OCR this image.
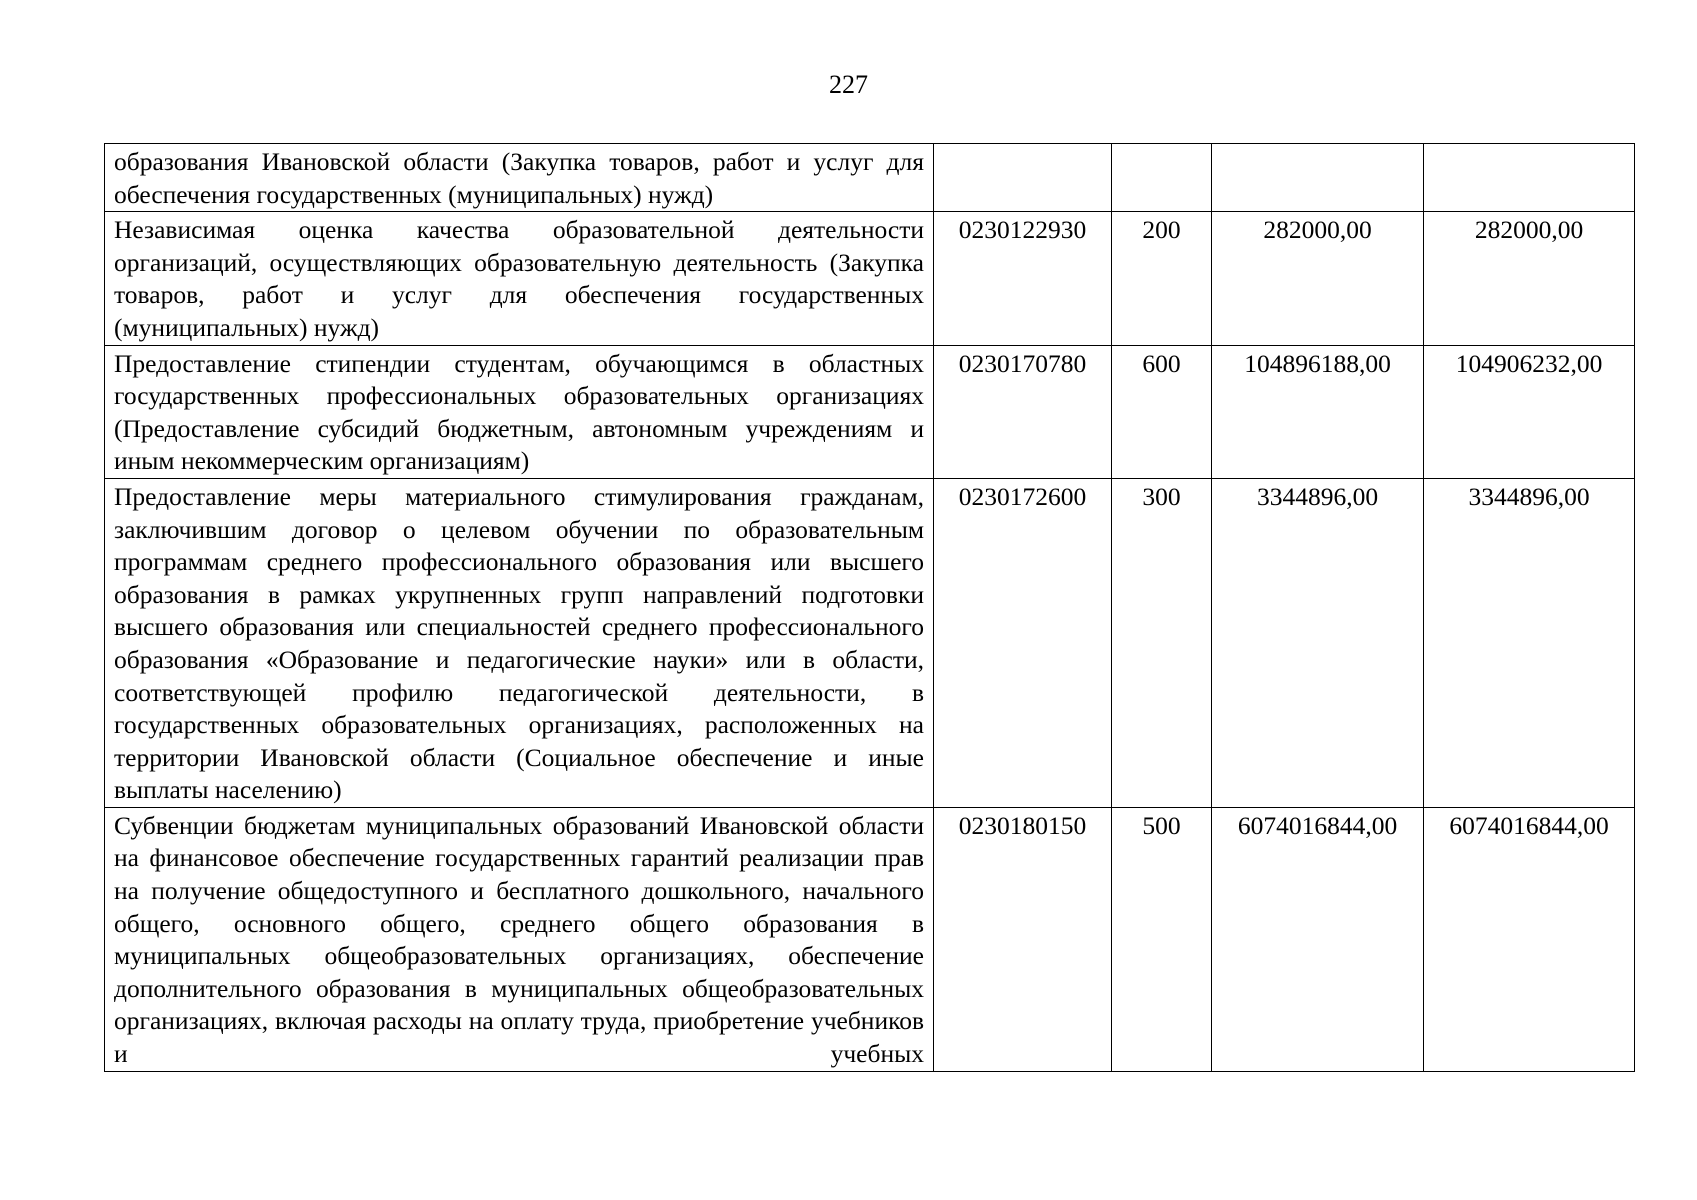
227
образования Ивановской области (Закупка товаров, работ и услуг для обеспечения государственных (муниципальных) нужд)				
Независимая оценка качества образовательной деятельности организаций, осуществляющих образовательную деятельность (Закупка товаров, работ и услуг для обеспечения государственных (муниципальных) нужд)	0230122930	200	282000,00	282000,00
Предоставление стипендии студентам, обучающимся в областных государственных профессиональных образовательных организациях (Предоставление субсидий бюджетным, автономным учреждениям и иным некоммерческим организациям)	0230170780	600	104896188,00	104906232,00
Предоставление меры материального стимулирования гражданам, заключившим договор о целевом обучении по образовательным программам среднего профессионального образования или высшего образования в рамках укрупненных групп направлений подготовки высшего образования или специальностей среднего профессионального образования «Образование и педагогические науки» или в области, соответствующей профилю педагогической деятельности, в государственных образовательных организациях, расположенных на территории Ивановской области (Социальное обеспечение и иные выплаты населению)	0230172600	300	3344896,00	3344896,00
Субвенции бюджетам муниципальных образований Ивановской области на финансовое обеспечение государственных гарантий реализации прав на получение общедоступного и бесплатного дошкольного, начального общего, основного общего, среднего общего образования в муниципальных общеобразовательных организациях, обеспечение дополнительного образования в муниципальных общеобразовательных организациях, включая расходы на оплату труда, приобретение учебников и учебных	0230180150	500	6074016844,00	6074016844,00
